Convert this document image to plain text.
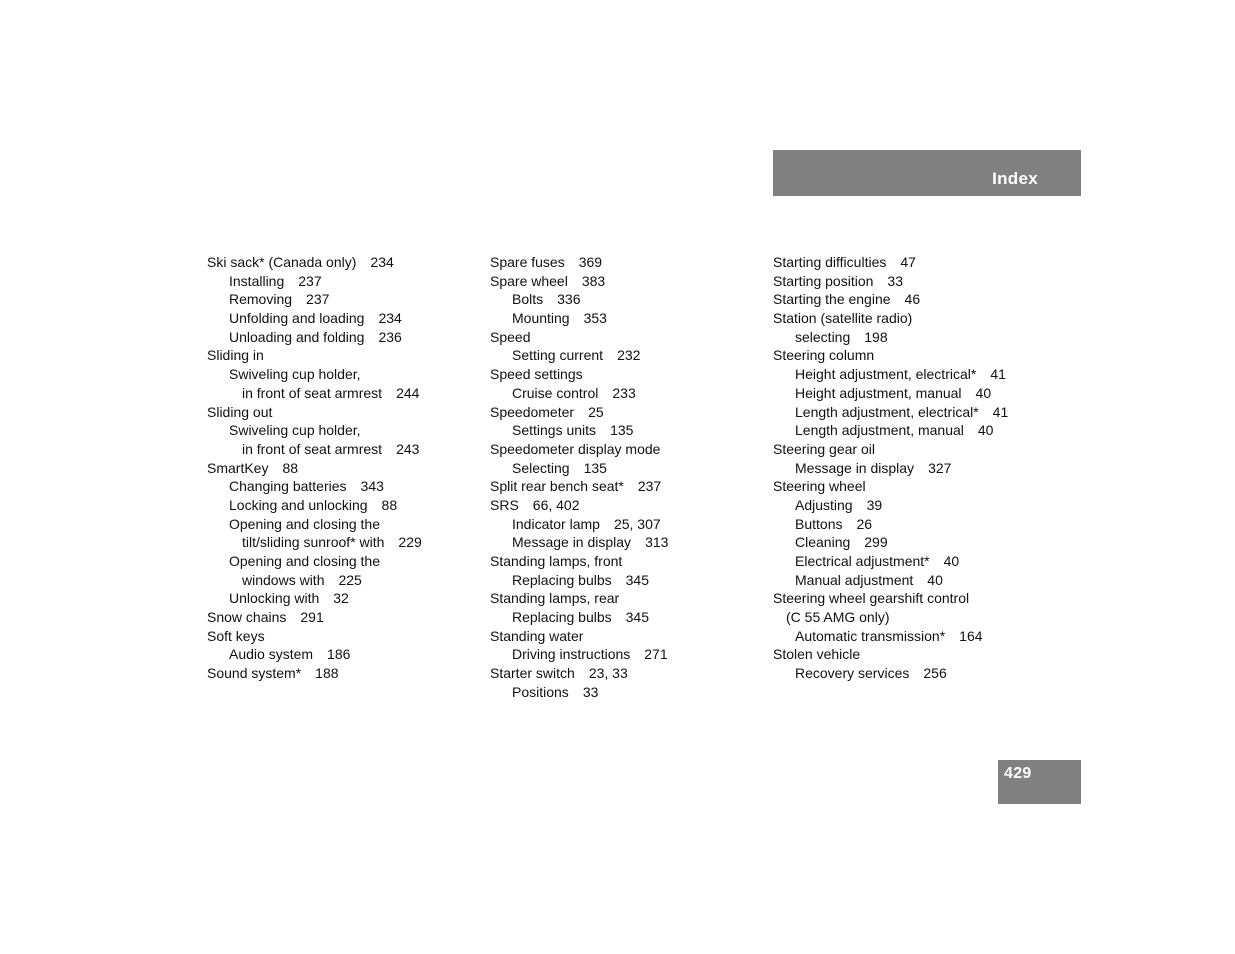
Index
Ski sack* (Canada only) 234
Installing 237
Removing 237
Unfolding and loading 234
Unloading and folding 236
Sliding in
Swiveling cup holder,
in front of seat armrest 244
Sliding out
Swiveling cup holder,
in front of seat armrest 243
SmartKey 88
Changing batteries 343
Locking and unlocking 88
Opening and closing the
tilt/sliding sunroof* with 229
Opening and closing the
windows with 225
Unlocking with 32
Snow chains 291
Soft keys
Audio system 186
Sound system* 188
Spare fuses 369
Spare wheel 383
Bolts 336
Mounting 353
Speed
Setting current 232
Speed settings
Cruise control 233
Speedometer 25
Settings units 135
Speedometer display mode
Selecting 135
Split rear bench seat* 237
SRS 66, 402
Indicator lamp 25, 307
Message in display 313
Standing lamps, front
Replacing bulbs 345
Standing lamps, rear
Replacing bulbs 345
Standing water
Driving instructions 271
Starter switch 23, 33
Positions 33
Starting difficulties 47
Starting position 33
Starting the engine 46
Station (satellite radio)
selecting 198
Steering column
Height adjustment, electrical* 41
Height adjustment, manual 40
Length adjustment, electrical* 41
Length adjustment, manual 40
Steering gear oil
Message in display 327
Steering wheel
Adjusting 39
Buttons 26
Cleaning 299
Electrical adjustment* 40
Manual adjustment 40
Steering wheel gearshift control
(C 55 AMG only)
Automatic transmission* 164
Stolen vehicle
Recovery services 256
429
